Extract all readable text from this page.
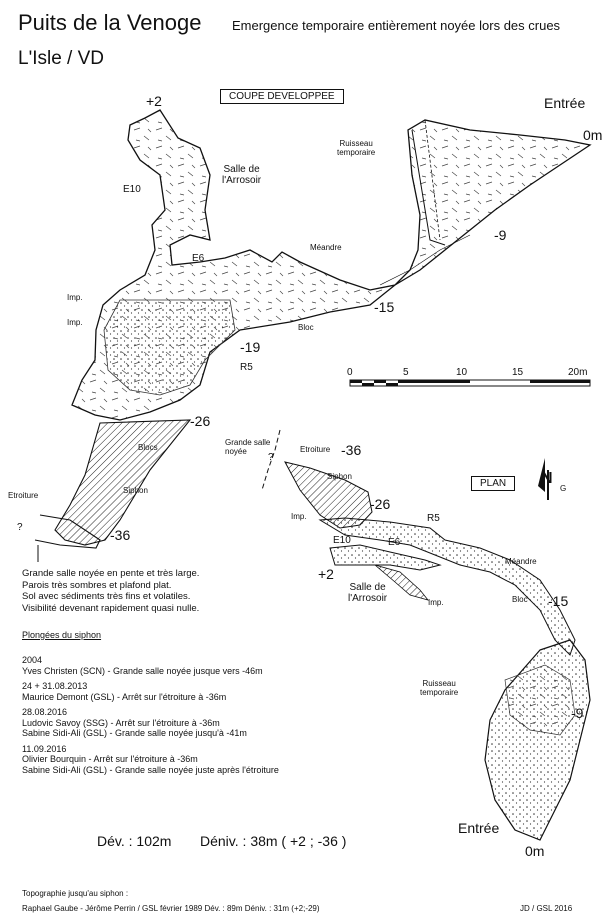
Puits de la Venoge
L'Isle / VD
Emergence temporaire entièrement noyée lors des crues
COUPE DEVELOPPEE	Entrée
0m
+2
Salle de
l'Arrosoir
E10
E6
Méandre
Ruisseau
temporaire
-9
Imp.
Imp.
-15
Bloc
-19
R5
-26
Blocs
Siphon
Etroiture
?	-36
0	5	10	15	20m
PLAN	N
G
Grande salle
noyée
?
Etroiture -36
Siphon
-26
Imp.	R5
E10	E6
Méandre
+2
Salle de
l'Arrosoir	Imp.	Bloc -15
Ruisseau
temporaire
-9
Entrée
0m
Grande salle noyée en pente et très large.
Parois très sombres et plafond plat.
Sol avec sédiments très fins et volatiles.
Visibilité devenant rapidement quasi nulle.
Plongées du siphon
2004
Yves Christen (SCN) - Grande salle noyée jusque vers -46m
24 + 31.08.2013
Maurice Demont (GSL) - Arrêt sur l'étroiture à -36m
28.08.2016
Ludovic Savoy (SSG) - Arrêt sur l'étroiture à -36m
Sabine Sidi-Ali (GSL) - Grande salle noyée jusqu'à -41m
11.09.2016
Olivier Bourquin - Arrêt sur l'étroiture à -36m
Sabine Sidi-Ali (GSL) - Grande salle noyée juste après l'étroiture
Dév. : 102m Déniv. : 38m ( +2 ; -36 )
Topographie jusqu'au siphon :
Raphael Gaube - Jérôme Perrin / GSL février 1989 Dév. : 89m Déniv. : 31m (+2;-29)	JD / GSL 2016
